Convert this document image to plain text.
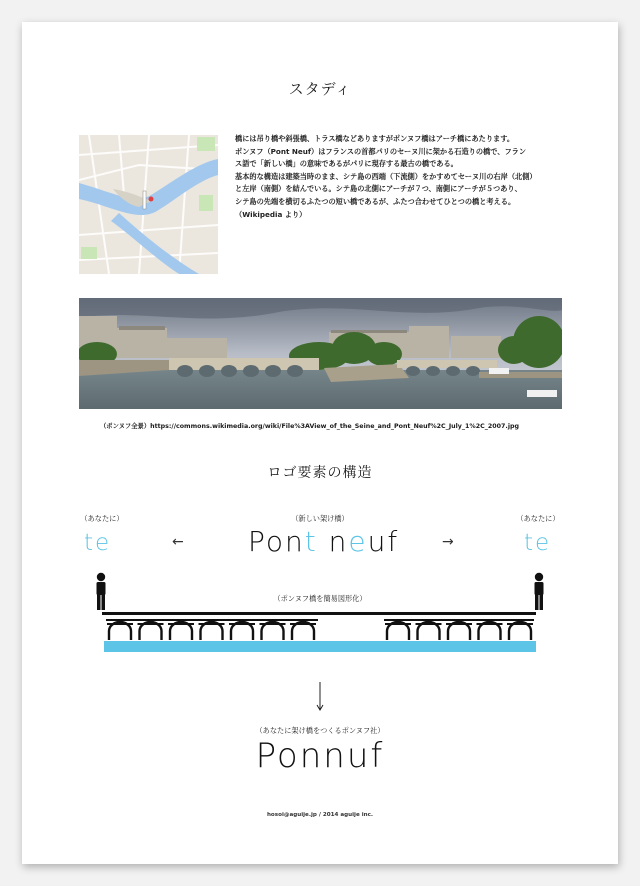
スタディ
橋には吊り橋や斜張橋、トラス橋などありますがポンヌフ橋はアーチ橋にあたります。
ポンヌフ（Pont Neuf）はフランスの首都パリのセーヌ川に架かる石造りの橋で、フラン
ス語で「新しい橋」の意味であるがパリに現存する最古の橋である。
基本的な構造は建築当時のまま、シテ島の西端（下流側）をかすめてセーヌ川の右岸（北側）
と左岸（南側）を結んでいる。シテ島の北側にアーチが７つ、南側にアーチが５つあり、
シテ島の先端を横切るふたつの短い橋であるが、ふたつ合わせてひとつの橋と考える。
（Wikipedia より）
（ポンヌフ全景）https://commons.wikimedia.org/wiki/File%3AView_of_the_Seine_and_Pont_Neuf%2C_July_1%2C_2007.jpg
ロゴ要素の構造
（あなたに）	（新しい架け橋）	（あなたに）
te	← Pont neuf	→	te
（ポンヌフ橋を簡易図形化）
（あなたに架け橋をつくるポンヌフ社）
Ponnuf
hosoi@aguije.jp / 2014 aguije inc.
